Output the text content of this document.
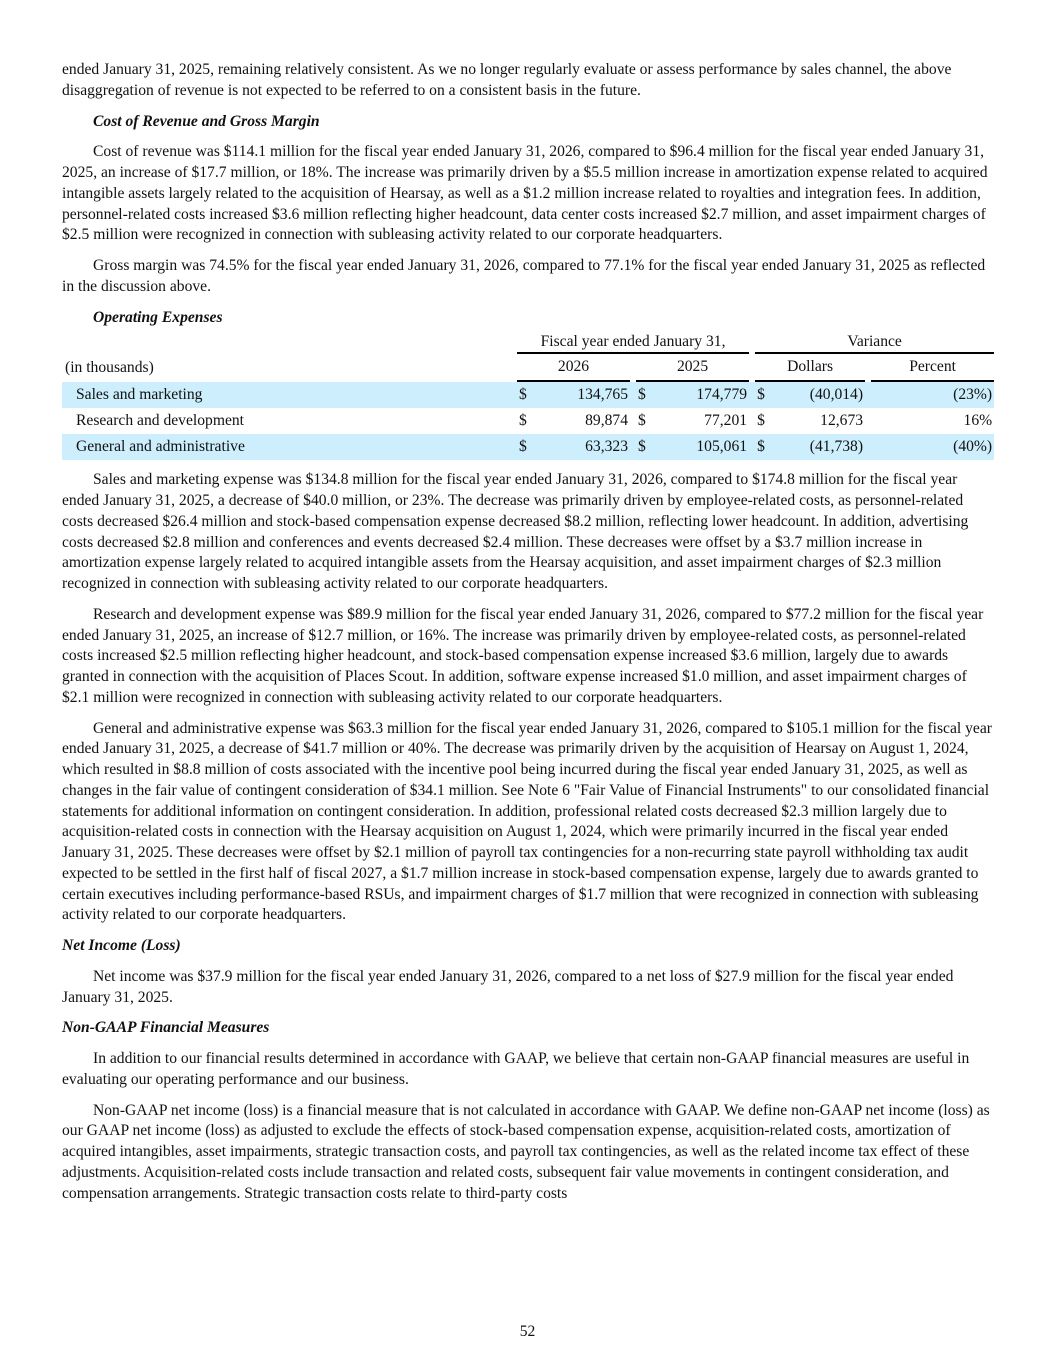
ended January 31, 2025, remaining relatively consistent. As we no longer regularly evaluate or assess performance by sales channel, the above disaggregation of revenue is not expected to be referred to on a consistent basis in the future.

Cost of Revenue and Gross Margin

Cost of revenue was $114.1 million for the fiscal year ended January 31, 2026, compared to $96.4 million for the fiscal year ended January 31, 2025, an increase of $17.7 million, or 18%. The increase was primarily driven by a $5.5 million increase in amortization expense related to acquired intangible assets largely related to the acquisition of Hearsay, as well as a $1.2 million increase related to royalties and integration fees. In addition, personnel-related costs increased $3.6 million reflecting higher headcount, data center costs increased $2.7 million, and asset impairment charges of $2.5 million were recognized in connection with subleasing activity related to our corporate headquarters.

Gross margin was 74.5% for the fiscal year ended January 31, 2026, compared to 77.1% for the fiscal year ended January 31, 2025 as reflected in the discussion above.

Operating Expenses

	Fiscal year ended January 31,						Variance			
(in thousands)	2026			2025			Dollars			Percent
Sales and marketing	$	134,765		$	174,779		$	(40,014)		(23%)
Research and development	$	89,874		$	77,201		$	12,673		16%
General and administrative	$	63,323		$	105,061		$	(41,738)		(40%)

Sales and marketing expense was $134.8 million for the fiscal year ended January 31, 2026, compared to $174.8 million for the fiscal year ended January 31, 2025, a decrease of $40.0 million, or 23%. The decrease was primarily driven by employee-related costs, as personnel-related costs decreased $26.4 million and stock-based compensation expense decreased $8.2 million, reflecting lower headcount. In addition, advertising costs decreased $2.8 million and conferences and events decreased $2.4 million. These decreases were offset by a $3.7 million increase in amortization expense largely related to acquired intangible assets from the Hearsay acquisition, and asset impairment charges of $2.3 million recognized in connection with subleasing activity related to our corporate headquarters.

Research and development expense was $89.9 million for the fiscal year ended January 31, 2026, compared to $77.2 million for the fiscal year ended January 31, 2025, an increase of $12.7 million, or 16%. The increase was primarily driven by employee-related costs, as personnel-related costs increased $2.5 million reflecting higher headcount, and stock-based compensation expense increased $3.6 million, largely due to awards granted in connection with the acquisition of Places Scout. In addition, software expense increased $1.0 million, and asset impairment charges of $2.1 million were recognized in connection with subleasing activity related to our corporate headquarters.

General and administrative expense was $63.3 million for the fiscal year ended January 31, 2026, compared to $105.1 million for the fiscal year ended January 31, 2025, a decrease of $41.7 million or 40%. The decrease was primarily driven by the acquisition of Hearsay on August 1, 2024, which resulted in $8.8 million of costs associated with the incentive pool being incurred during the fiscal year ended January 31, 2025, as well as changes in the fair value of contingent consideration of $34.1 million. See Note 6 "Fair Value of Financial Instruments" to our consolidated financial statements for additional information on contingent consideration. In addition, professional related costs decreased $2.3 million largely due to acquisition-related costs in connection with the Hearsay acquisition on August 1, 2024, which were primarily incurred in the fiscal year ended January 31, 2025. These decreases were offset by $2.1 million of payroll tax contingencies for a non-recurring state payroll withholding tax audit expected to be settled in the first half of fiscal 2027, a $1.7 million increase in stock-based compensation expense, largely due to awards granted to certain executives including performance-based RSUs, and impairment charges of $1.7 million that were recognized in connection with subleasing activity related to our corporate headquarters.

Net Income (Loss)

Net income was $37.9 million for the fiscal year ended January 31, 2026, compared to a net loss of $27.9 million for the fiscal year ended January 31, 2025.

Non-GAAP Financial Measures

In addition to our financial results determined in accordance with GAAP, we believe that certain non-GAAP financial measures are useful in evaluating our operating performance and our business.

Non-GAAP net income (loss) is a financial measure that is not calculated in accordance with GAAP. We define non-GAAP net income (loss) as our GAAP net income (loss) as adjusted to exclude the effects of stock-based compensation expense, acquisition-related costs, amortization of acquired intangibles, asset impairments, strategic transaction costs, and payroll tax contingencies, as well as the related income tax effect of these adjustments. Acquisition-related costs include transaction and related costs, subsequent fair value movements in contingent consideration, and compensation arrangements. Strategic transaction costs relate to third-party costs

52
